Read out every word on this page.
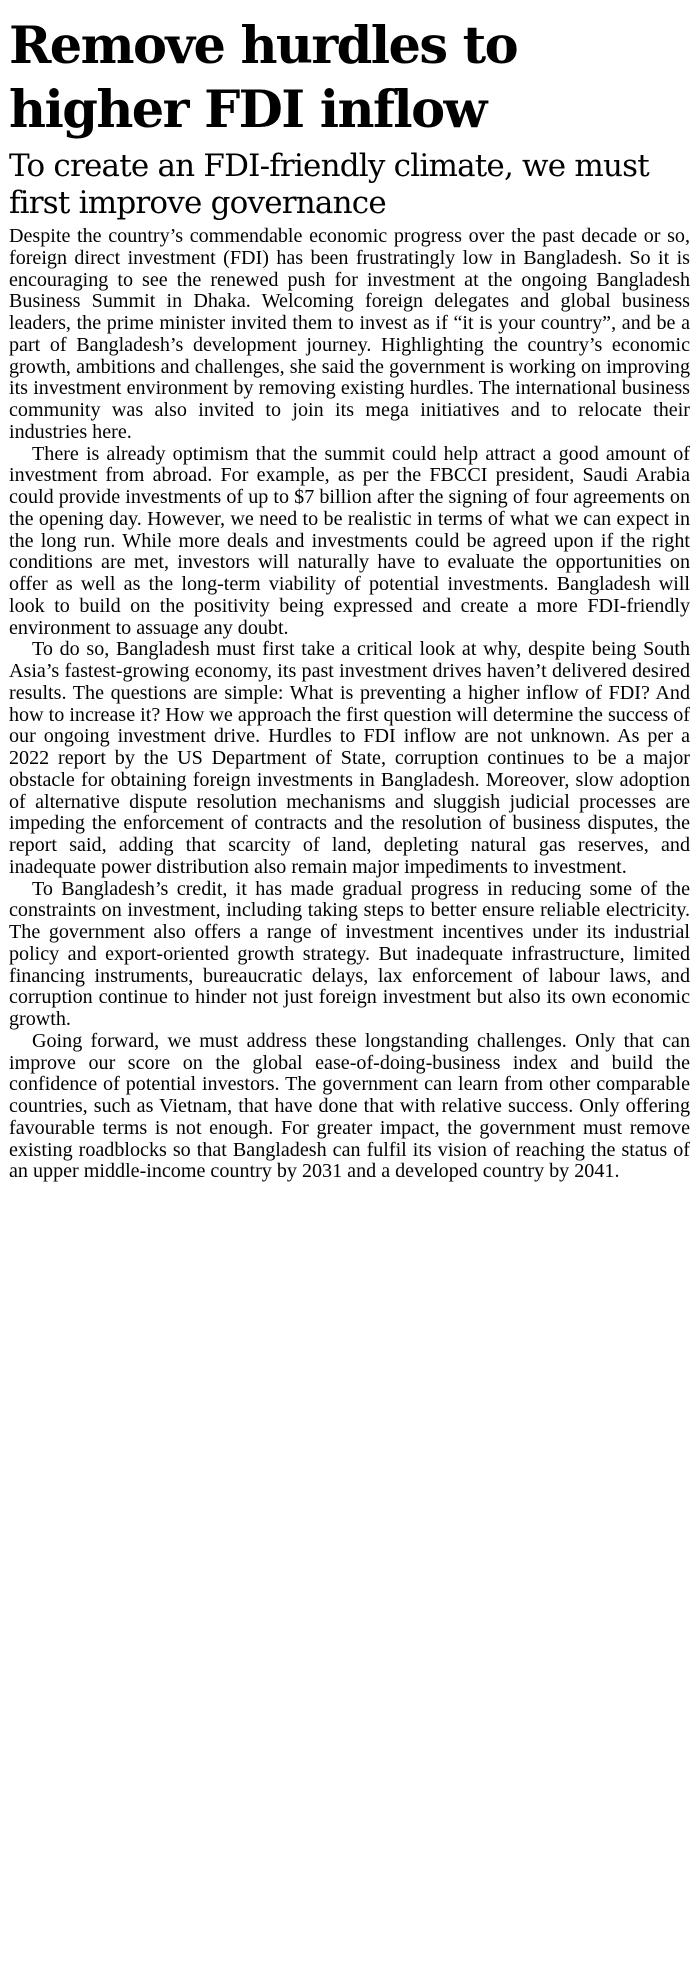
Remove hurdles to higher FDI inflow
To create an FDI-friendly climate, we must first improve governance

Despite the country’s commendable economic progress over the past decade or so, foreign direct investment (FDI) has been frustratingly low in Bangladesh. So it is encouraging to see the renewed push for investment at the ongoing Bangladesh Business Summit in Dhaka. Welcoming foreign delegates and global business leaders, the prime minister invited them to invest as if “it is your country”, and be a part of Bangladesh’s development journey. Highlighting the country’s economic growth, ambitions and challenges, she said the government is working on improving its investment environment by removing existing hurdles. The international business community was also invited to join its mega initiatives and to relocate their industries here.

There is already optimism that the summit could help attract a good amount of investment from abroad. For example, as per the FBCCI president, Saudi Arabia could provide investments of up to $7 billion after the signing of four agreements on the opening day. However, we need to be realistic in terms of what we can expect in the long run. While more deals and investments could be agreed upon if the right conditions are met, investors will naturally have to evaluate the opportunities on offer as well as the long-term viability of potential investments. Bangladesh will look to build on the positivity being expressed and create a more FDI-friendly environment to assuage any doubt.

To do so, Bangladesh must first take a critical look at why, despite being South Asia’s fastest-growing economy, its past investment drives haven’t delivered desired results. The questions are simple: What is preventing a higher inflow of FDI? And how to increase it? How we approach the first question will determine the success of our ongoing investment drive. Hurdles to FDI inflow are not unknown. As per a 2022 report by the US Department of State, corruption continues to be a major obstacle for obtaining foreign investments in Bangladesh. Moreover, slow adoption of alternative dispute resolution mechanisms and sluggish judicial processes are impeding the enforcement of contracts and the resolution of business disputes, the report said, adding that scarcity of land, depleting natural gas reserves, and inadequate power distribution also remain major impediments to investment.

To Bangladesh’s credit, it has made gradual progress in reducing some of the constraints on investment, including taking steps to better ensure reliable electricity. The government also offers a range of investment incentives under its industrial policy and export-oriented growth strategy. But inadequate infrastructure, limited financing instruments, bureaucratic delays, lax enforcement of labour laws, and corruption continue to hinder not just foreign investment but also its own economic growth.

Going forward, we must address these longstanding challenges. Only that can improve our score on the global ease-of-doing-business index and build the confidence of potential investors. The government can learn from other comparable countries, such as Vietnam, that have done that with relative success. Only offering favourable terms is not enough. For greater impact, the government must remove existing roadblocks so that Bangladesh can fulfil its vision of reaching the status of an upper middle-income country by 2031 and a developed country by 2041.
